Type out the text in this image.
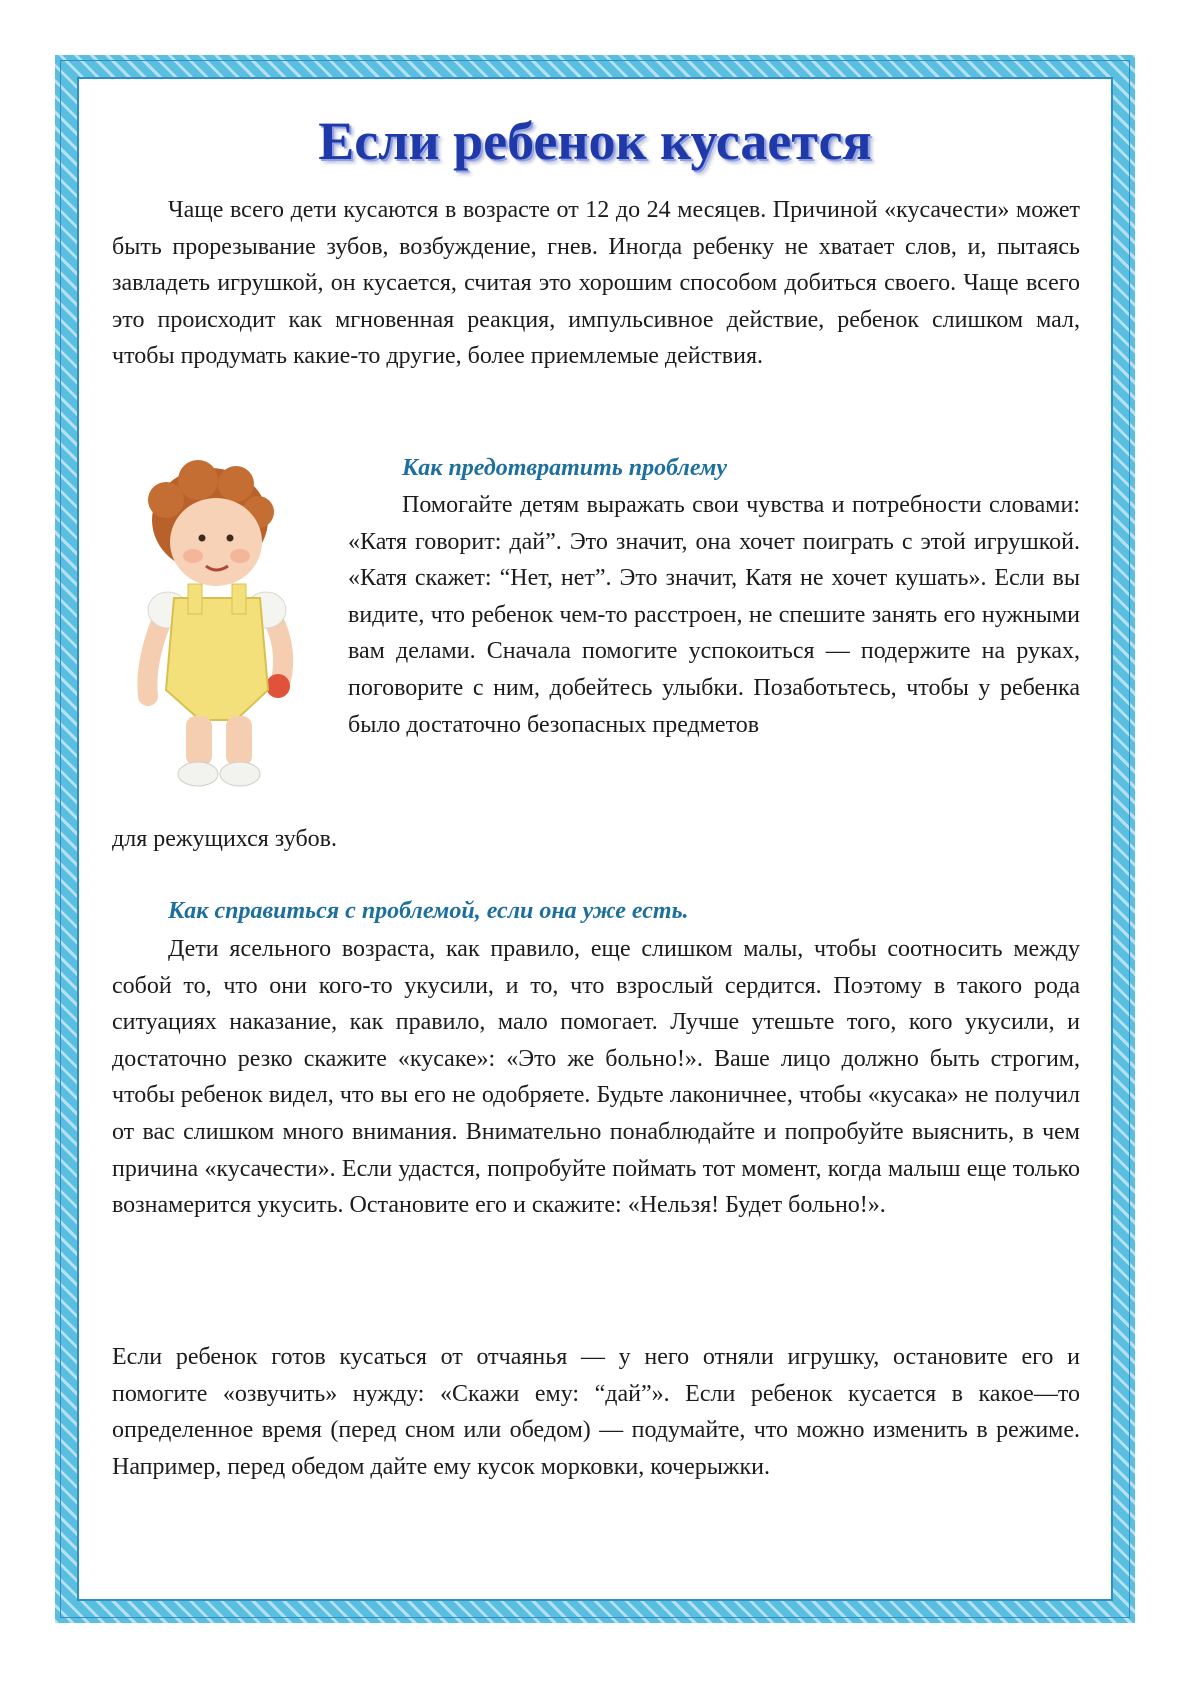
Если ребенок кусается

Чаще всего дети кусаются в возрасте от 12 до 24 месяцев. Причиной «кусачести» может быть прорезывание зубов, возбуждение, гнев. Иногда ребенку не хватает слов, и, пытаясь завладеть игрушкой, он кусается, считая это хорошим способом добиться своего. Чаще всего это происходит как мгновенная реакция, импульсивное действие, ребенок слишком мал, чтобы продумать какие-то другие, более приемлемые действия.

Как предотвратить проблему

Помогайте детям выражать свои чувства и потребности словами: «Катя говорит: дай”. Это значит, она хочет поиграть с этой игрушкой. «Катя скажет: “Нет, нет”. Это значит, Катя не хочет кушать». Если вы видите, что ребенок чем-то расстроен, не спешите занять его нужными вам делами. Сначала помогите успокоиться — подержите на руках, поговорите с ним, добейтесь улыбки. Позаботьтесь, чтобы у ребенка было достаточно безопасных предметов

для режущихся зубов.

Как справиться с проблемой, если она уже есть.

Дети ясельного возраста, как правило, еще слишком малы, чтобы соотносить между собой то, что они кого-то укусили, и то, что взрослый сердится. Поэтому в такого рода ситуациях наказание, как правило, мало помогает. Лучше утешьте того, кого укусили, и достаточно резко скажите «кусаке»: «Это же больно!». Ваше лицо должно быть строгим, чтобы ребенок видел, что вы его не одобряете. Будьте лаконичнее, чтобы «кусака» не получил от вас слишком много внимания. Внимательно понаблюдайте и попробуйте выяснить, в чем причина «кусачести». Если удастся, попробуйте поймать тот момент, когда малыш еще только вознамерится укусить. Остановите его и скажите: «Нельзя! Будет больно!».

Если ребенок готов кусаться от отчаянья — у него отняли игрушку, остановите его и помогите «озвучить» нужду: «Скажи ему: “дай”». Если ребенок кусается в какое—то определенное время (перед сном или обедом) — подумайте, что можно изменить в режиме. Например, перед обедом дайте ему кусок морковки, кочерыжки.
